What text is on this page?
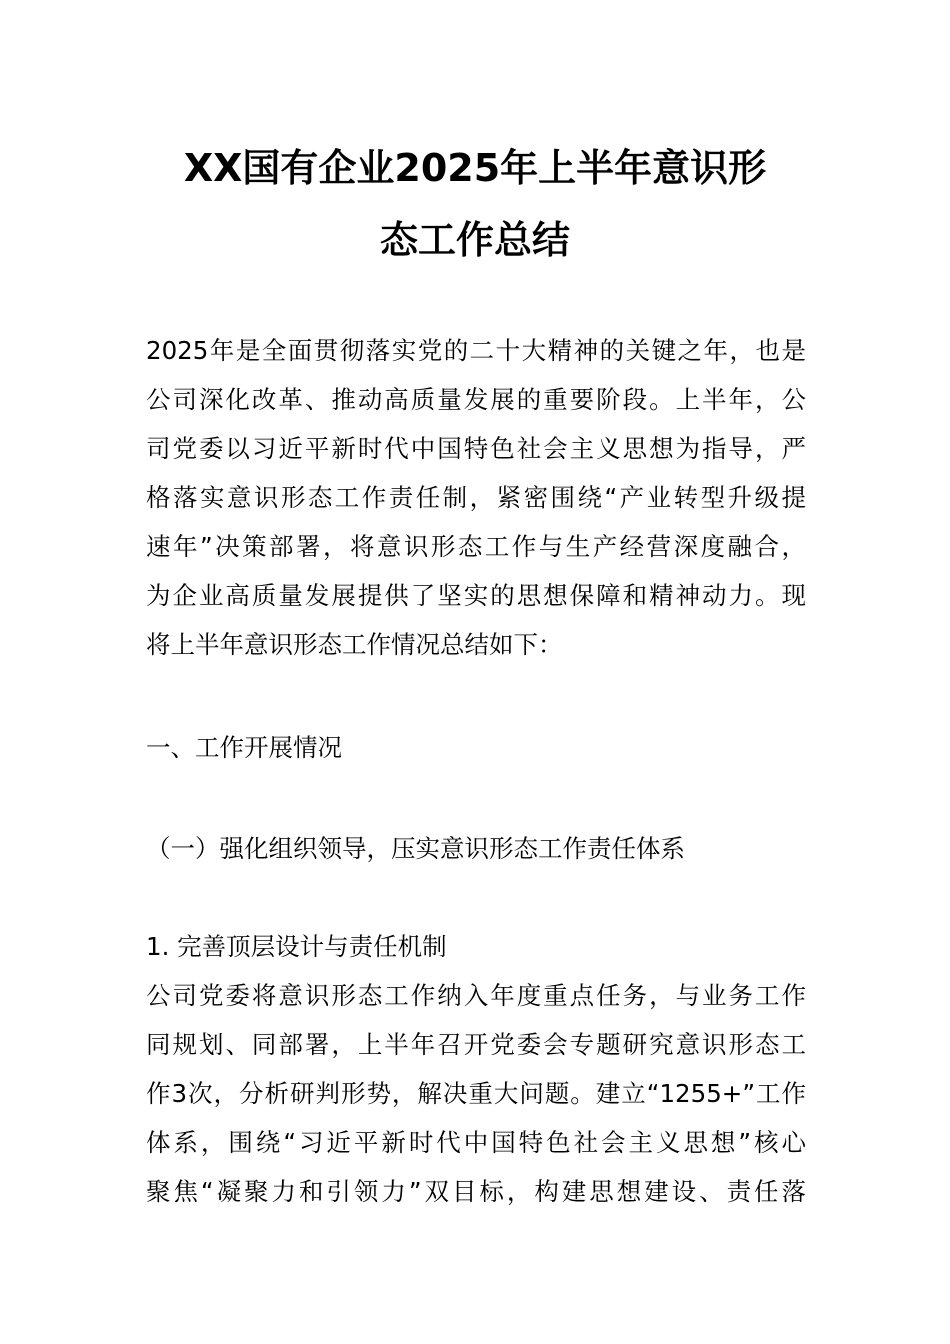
XX国有企业2025年上半年意识形
态工作总结
2025年是全面贯彻落实党的二十大精神的关键之年，也是
公司深化改革、推动高质量发展的重要阶段。上半年，公
司党委以习近平新时代中国特色社会主义思想为指导，严
格落实意识形态工作责任制，紧密围绕“产业转型升级提
速年”决策部署，将意识形态工作与生产经营深度融合，
为企业高质量发展提供了坚实的思想保障和精神动力。现
将上半年意识形态工作情况总结如下：
一、工作开展情况
（一）强化组织领导，压实意识形态工作责任体系
1. 完善顶层设计与责任机制
公司党委将意识形态工作纳入年度重点任务，与业务工作
同规划、同部署，上半年召开党委会专题研究意识形态工
作3次，分析研判形势，解决重大问题。建立“1255+”工作
体系，围绕“习近平新时代中国特色社会主义思想”核心
聚焦“凝聚力和引领力”双目标，构建思想建设、责任落
